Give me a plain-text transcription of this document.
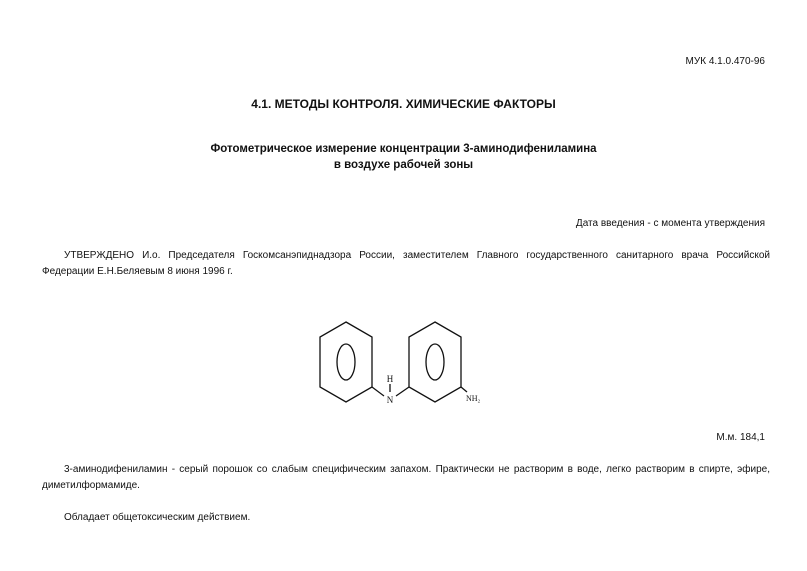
МУК 4.1.0.470-96
4.1. МЕТОДЫ КОНТРОЛЯ. ХИМИЧЕСКИЕ ФАКТОРЫ
Фотометрическое измерение концентрации 3-аминодифениламина
в воздухе рабочей зоны
Дата введения - с момента утверждения
УТВЕРЖДЕНО И.о. Председателя Госкомсанэпиднадзора России, заместителем Главного государственного санитарного врача Российской Федерации Е.Н.Беляевым 8 июня 1996 г.
H
N	NH₂
М.м. 184,1
3-аминодифениламин - серый порошок со слабым специфическим запахом. Практически не растворим в воде, легко растворим в спирте, эфире, диметилформамиде.
Обладает общетоксическим действием.
